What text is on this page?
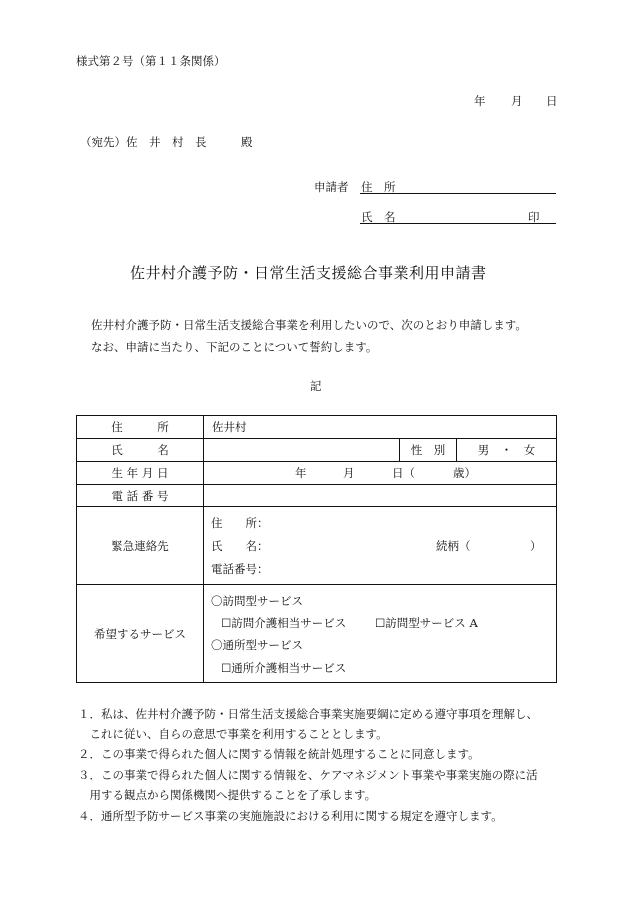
様式第２号（第１１条関係）
年 月 日
（宛先）佐　井　村　長　　　殿
申請者 住　所
氏　名	印
佐井村介護予防・日常生活支援総合事業利用申請書
佐井村介護予防・日常生活支援総合事業を利用したいので、次のとおり申請します。
なお、申請に当たり、下記のことについて誓約します。
記
住　　　所	佐井村		
氏　　　名		性　別	男　・　女
生 年 月 日	年 月 日（ 歳）		

電 話 番 号			
緊急連絡先	住　　所：
氏　　名： 続柄（ ）
電話番号：		

希望するサービス	〇訪問型サービス
☐訪問介護相当サービス ☐訪問型サービス A
〇通所型サービス
☐通所介護相当サービス		
１．私は、佐井村介護予防・日常生活支援総合事業実施要綱に定める遵守事項を理解し、
　これに従い、自らの意思で事業を利用することとします。
２．この事業で得られた個人に関する情報を統計処理することに同意します。
３．この事業で得られた個人に関する情報を、ケアマネジメント事業や事業実施の際に活
　用する観点から関係機関へ提供することを了承します。
４．通所型予防サービス事業の実施施設における利用に関する規定を遵守します。
